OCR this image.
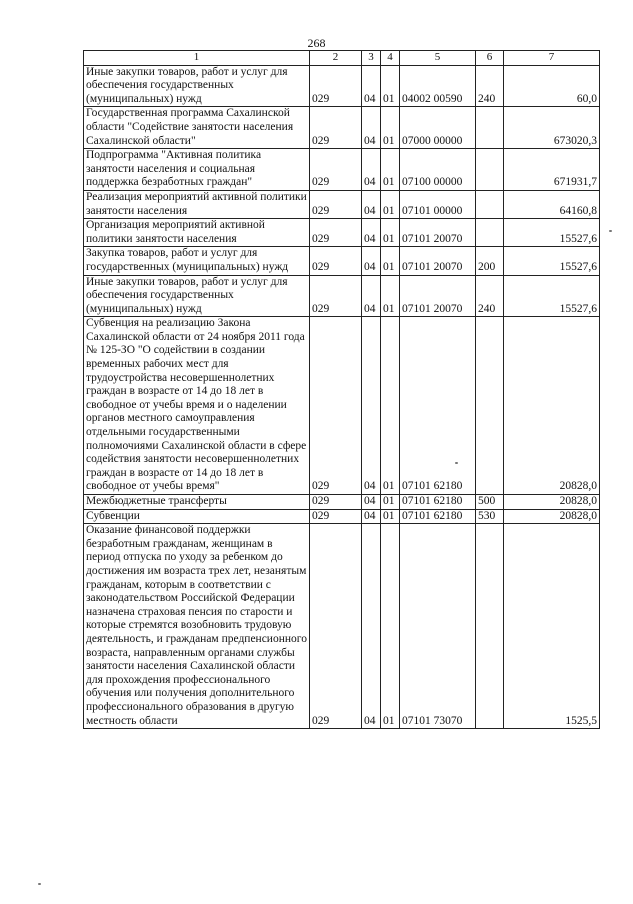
268
1	2	3	4	5	6	7
Иные закупки товаров, работ и услуг для обеспечения государственных (муниципальных) нужд	029	04	01	04002 00590	240	60,0
Государственная программа Сахалинской области "Содействие занятости населения Сахалинской области"	029	04	01	07000 00000		673020,3
Подпрограмма "Активная политика занятости населения и социальная поддержка безработных граждан"	029	04	01	07100 00000		671931,7
Реализация мероприятий активной политики занятости населения	029	04	01	07101 00000		64160,8
Организация мероприятий активной политики занятости населения	029	04	01	07101 20070		15527,6
Закупка товаров, работ и услуг для государственных (муниципальных) нужд	029	04	01	07101 20070	200	15527,6
Иные закупки товаров, работ и услуг для обеспечения государственных (муниципальных) нужд	029	04	01	07101 20070	240	15527,6
Субвенция на реализацию Закона Сахалинской области от 24 ноября 2011 года № 125-ЗО "О содействии в создании временных рабочих мест для трудоустройства несовершеннолетних граждан в возрасте от 14 до 18 лет в свободное от учебы время и о наделении органов местного самоуправления отдельными государственными полномочиями Сахалинской области в сфере содействия занятости несовершеннолетних граждан в возрасте от 14 до 18 лет в свободное от учебы время"	029	04	01	07101 62180		20828,0
Межбюджетные трансферты	029	04	01	07101 62180	500	20828,0
Субвенции	029	04	01	07101 62180	530	20828,0
Оказание финансовой поддержки безработным гражданам, женщинам в период отпуска по уходу за ребенком до достижения им возраста трех лет, незанятым гражданам, которым в соответствии с законодательством Российской Федерации назначена страховая пенсия по старости и которые стремятся возобновить трудовую деятельность, и гражданам предпенсионного возраста, направленным органами службы занятости населения Сахалинской области для прохождения профессионального обучения или получения дополнительного профессионального образования в другую местность области	029	04	01	07101 73070		1525,5
